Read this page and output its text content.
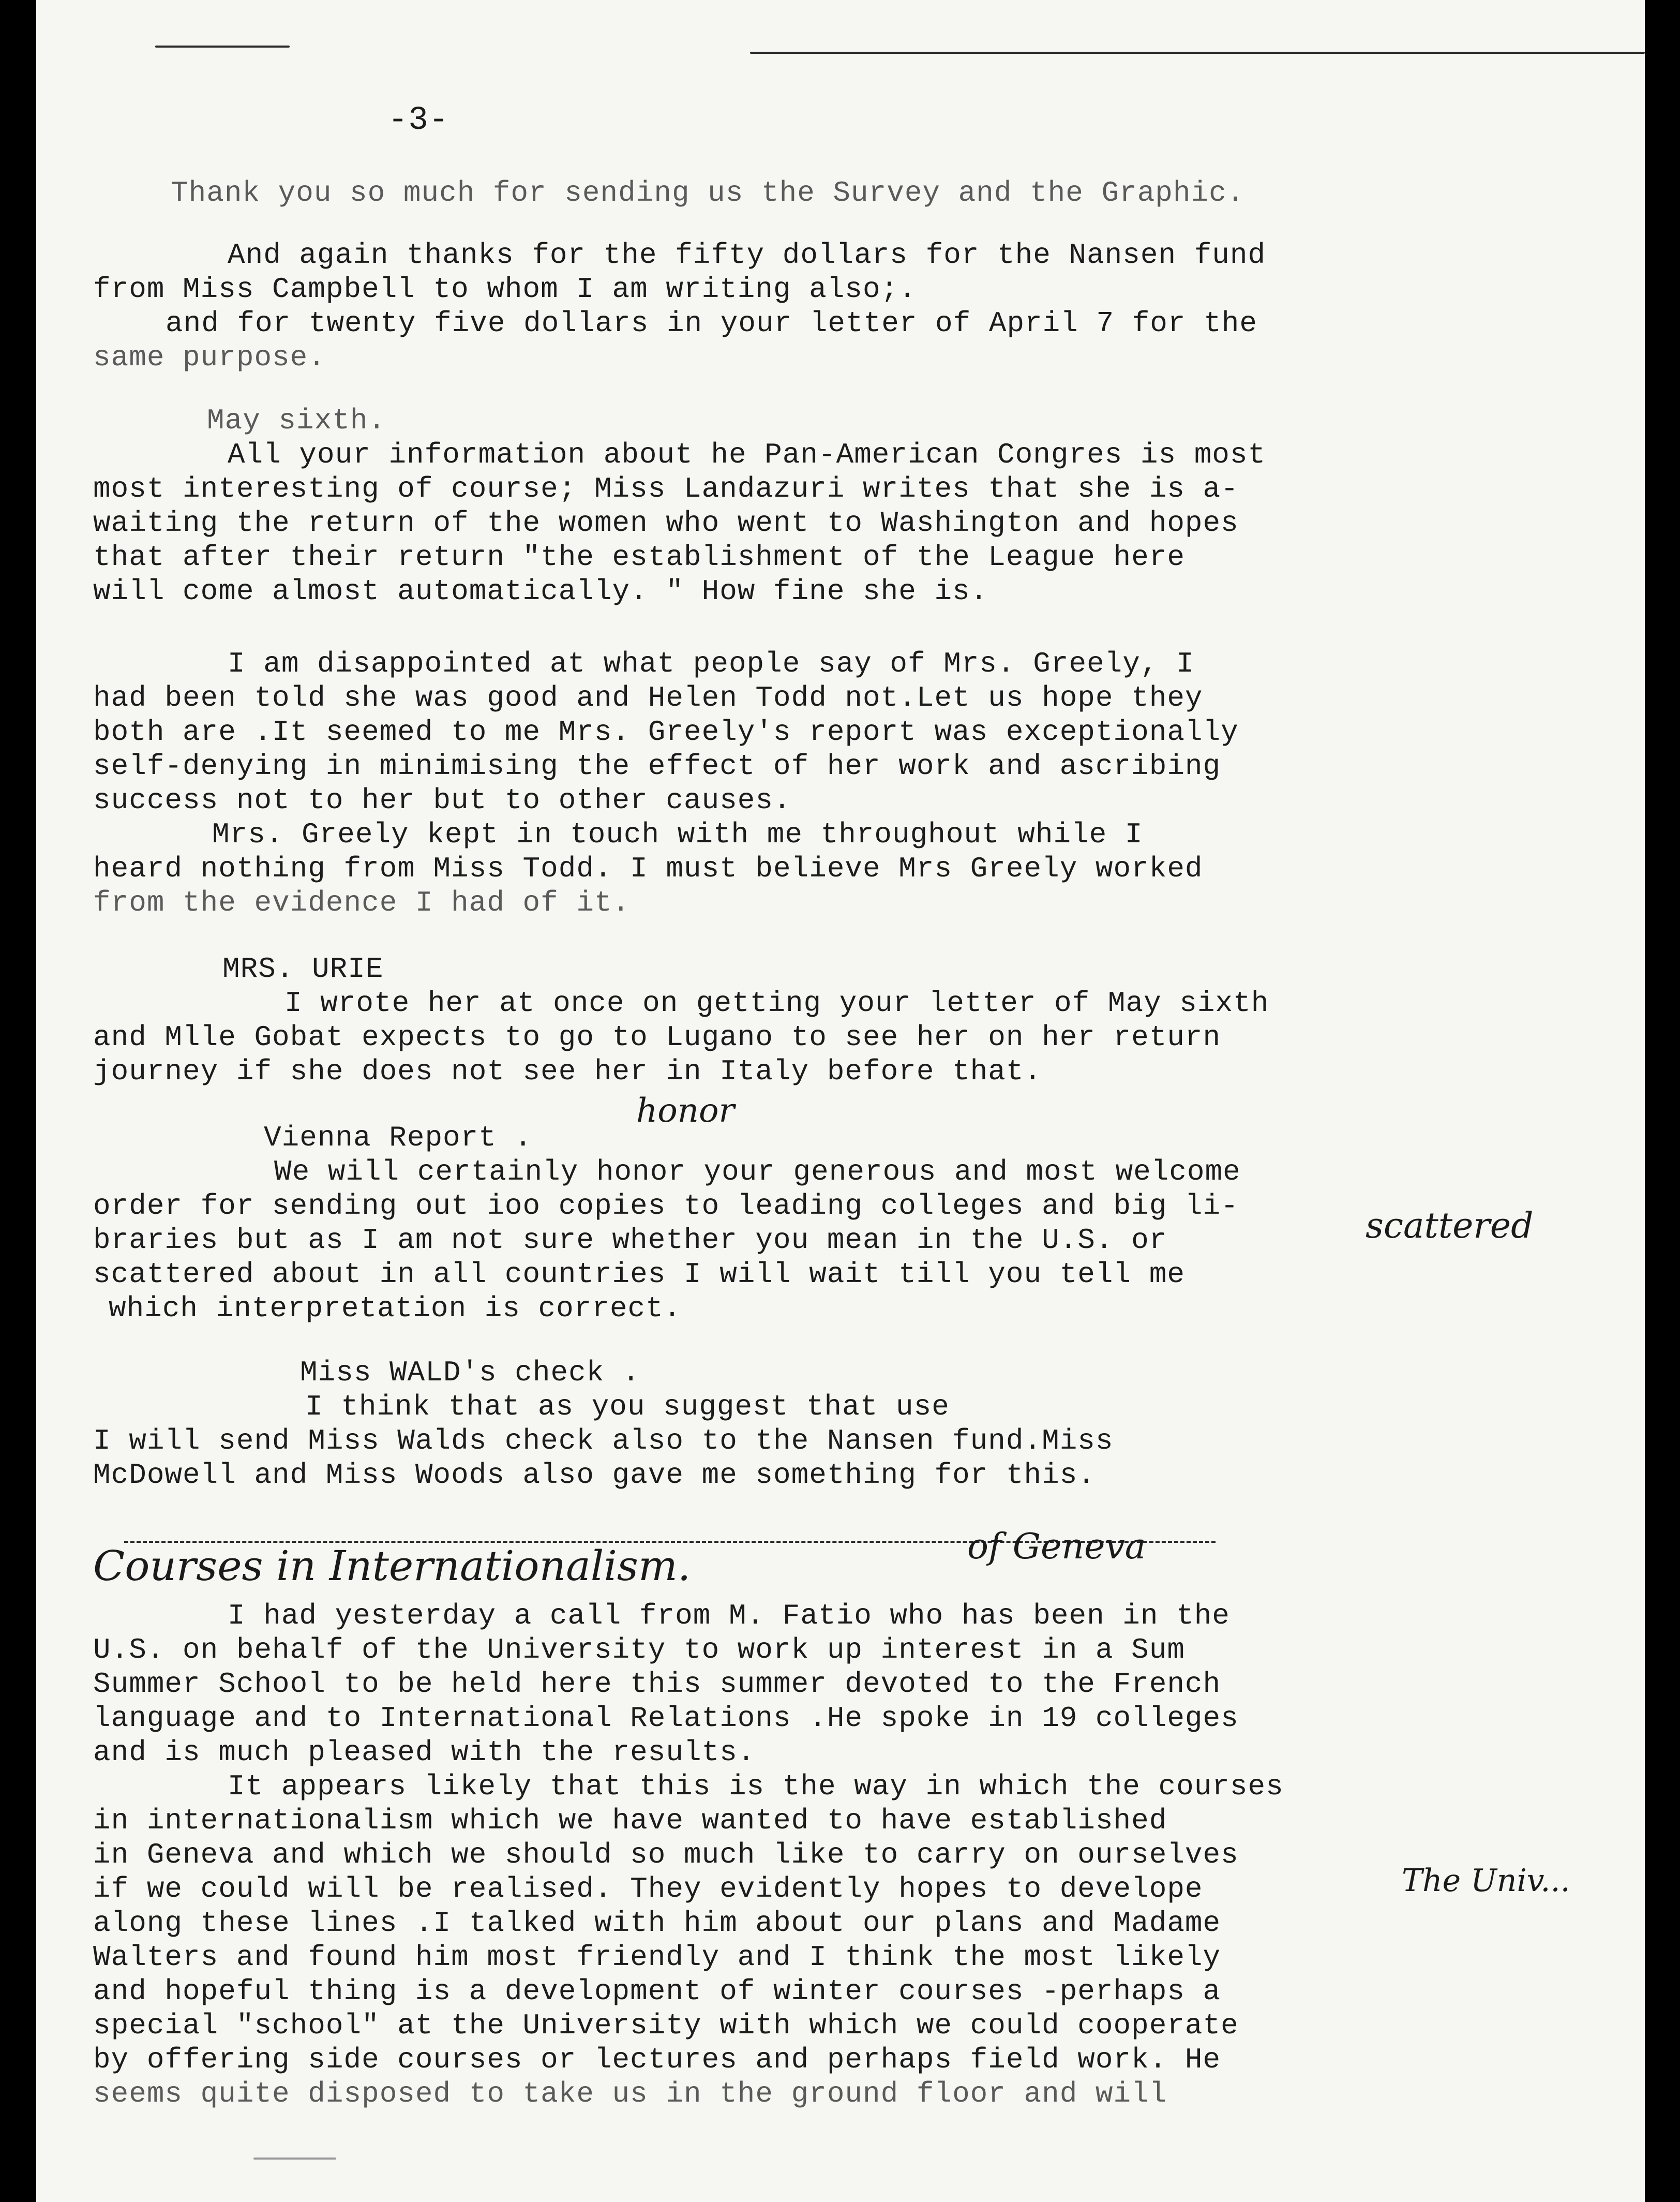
-3-
Thank you so much for sending us the Survey and the Graphic.
And again thanks for the fifty dollars for the Nansen fund
from Miss Campbell to whom I am writing also;.
and for twenty five dollars in your letter of April 7 for the
same purpose.
May sixth.
All your information about he Pan-American Congres is most
most interesting of course; Miss Landazuri writes that she is a-
waiting the return of the women who went to Washington and hopes
that after their return "the establishment of the League here
will come almost automatically. " How fine she is.
I am disappointed at what people say of Mrs. Greely, I
had been told she was good and Helen Todd not.Let us hope they
both are .It seemed to me Mrs. Greely's report was exceptionally
self-denying in minimising the effect of her work and ascribing
success not to her but to other causes.
Mrs. Greely kept in touch with me throughout while I
heard nothing from Miss Todd. I must believe Mrs Greely worked
from the evidence I had of it.
MRS. URIE
I wrote her at once on getting your letter of May sixth
and Mlle Gobat expects to go to Lugano to see her on her return
journey if she does not see her in Italy before that.
honor
Vienna Report .
We will certainly honor your generous and most welcome
order for sending out ioo copies to leading colleges and big li-
braries but as I am not sure whether you mean in the U.S. or	scattered
scattered about in all countries I will wait till you tell me
which interpretation is correct.
Miss WALD's check .
I think that as you suggest that use
I will send Miss Walds check also to the Nansen fund.Miss
McDowell and Miss Woods also gave me something for this.
Courses in Internationalism.	of Geneva
I had yesterday a call from M. Fatio who has been in the
U.S. on behalf of the University to work up interest in a Sum
Summer School to be held here this summer devoted to the French
language and to International Relations .He spoke in 19 colleges
and is much pleased with the results.
It appears likely that this is the way in which the courses
in internationalism which we have wanted to have established
in Geneva and which we should so much like to carry on ourselves
if we could will be realised. They evidently hopes to develope	The Univ...
along these lines .I talked with him about our plans and Madame
Walters and found him most friendly and I think the most likely
and hopeful thing is a development of winter courses -perhaps a
special "school" at the University with which we could cooperate
by offering side courses or lectures and perhaps field work. He
seems quite disposed to take us in the ground floor and will
